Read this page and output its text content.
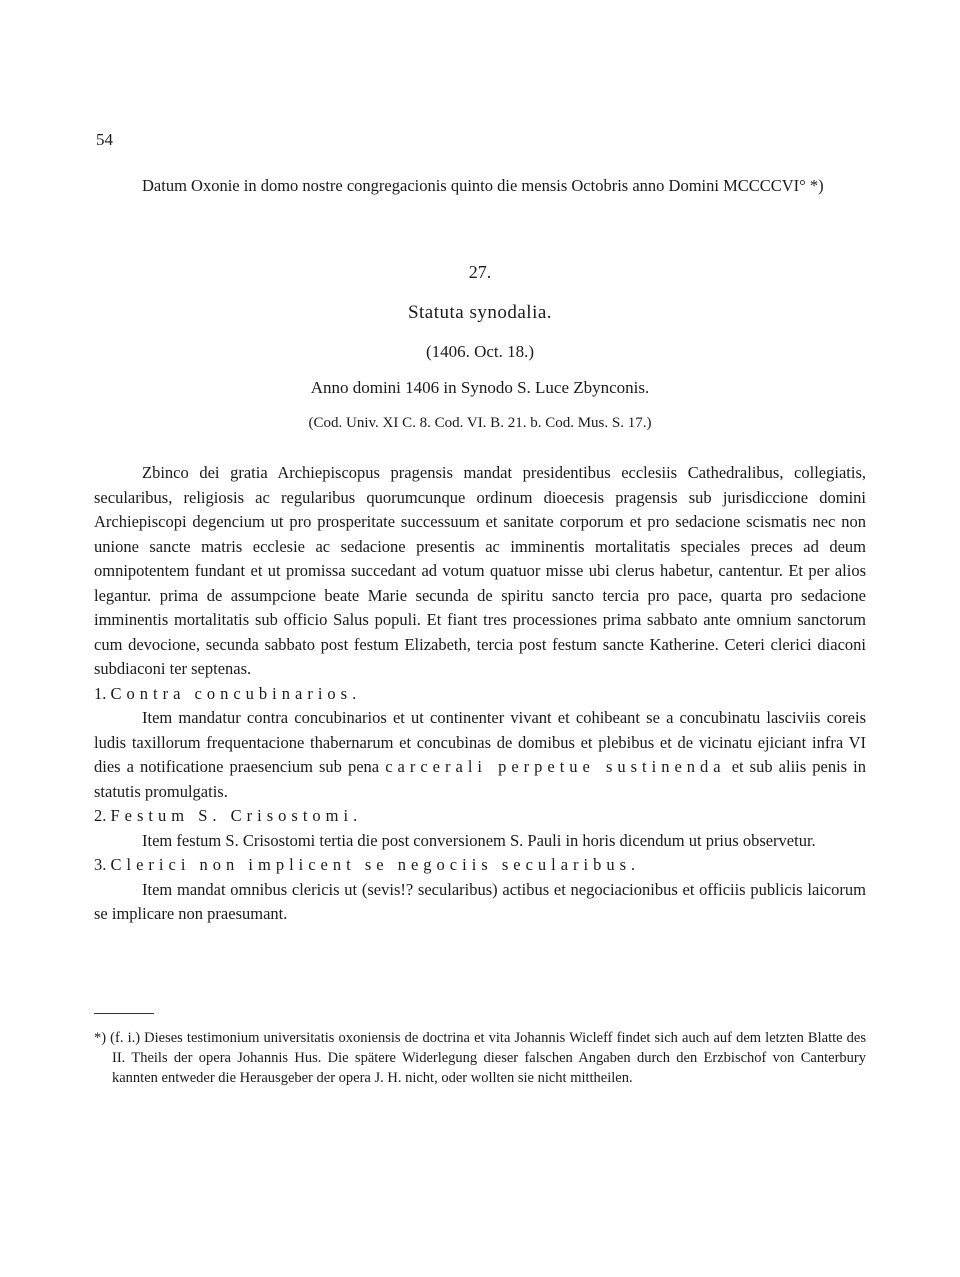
54

Datum Oxonie in domo nostre congregacionis quinto die mensis Octobris anno Domini MCCCCVI° *)

27.
Statuta synodalia.
(1406. Oct. 18.)
Anno domini 1406 in Synodo S. Luce Zbynconis.
(Cod. Univ. XI C. 8. Cod. VI. B. 21. b. Cod. Mus. S. 17.)

Zbinco dei gratia Archiepiscopus pragensis mandat presidentibus ecclesiis Cathedralibus, collegiatis, secularibus, religiosis ac regularibus quorumcunque ordinum dioecesis pragensis sub jurisdiccione domini Archiepiscopi degencium ut pro prosperitate successuum et sanitate corporum et pro sedacione scismatis nec non unione sancte matris ecclesie ac sedacione presentis ac imminentis mortalitatis speciales preces ad deum omnipotentem fundant et ut promissa succedant ad votum quatuor misse ubi clerus habetur, cantentur. Et per alios legantur. prima de assumpcione beate Marie secunda de spiritu sancto tercia pro pace, quarta pro sedacione imminentis mortalitatis sub officio Salus populi. Et fiant tres processiones prima sabbato ante omnium sanctorum cum devocione, secunda sabbato post festum Elizabeth, tercia post festum sancte Katherine. Ceteri clerici diaconi subdiaconi ter septenas.

1. Contra concubinarios.

Item mandatur contra concubinarios et ut continenter vivant et cohibeant se a concubinatu lasciviis coreis ludis taxillorum frequentacione thabernarum et concubinas de domibus et plebibus et de vicinatu ejiciant infra VI dies a notificatione praesencium sub pena carcerali perpetue sustinenda et sub aliis penis in statutis promulgatis.

2. Festum S. Crisostomi.

Item festum S. Crisostomi tertia die post conversionem S. Pauli in horis dicendum ut prius observetur.

3. Clerici non implicent se negociis secularibus.

Item mandat omnibus clericis ut (sevis!? secularibus) actibus et negociacionibus et officiis publicis laicorum se implicare non praesumant.

*) (f. i.) Dieses testimonium universitatis oxoniensis de doctrina et vita Johannis Wicleff findet sich auch auf dem letzten Blatte des II. Theils der opera Johannis Hus. Die spätere Widerlegung dieser falschen Angaben durch den Erzbischof von Canterbury kannten entweder die Herausgeber der opera J. H. nicht, oder wollten sie nicht mittheilen.
